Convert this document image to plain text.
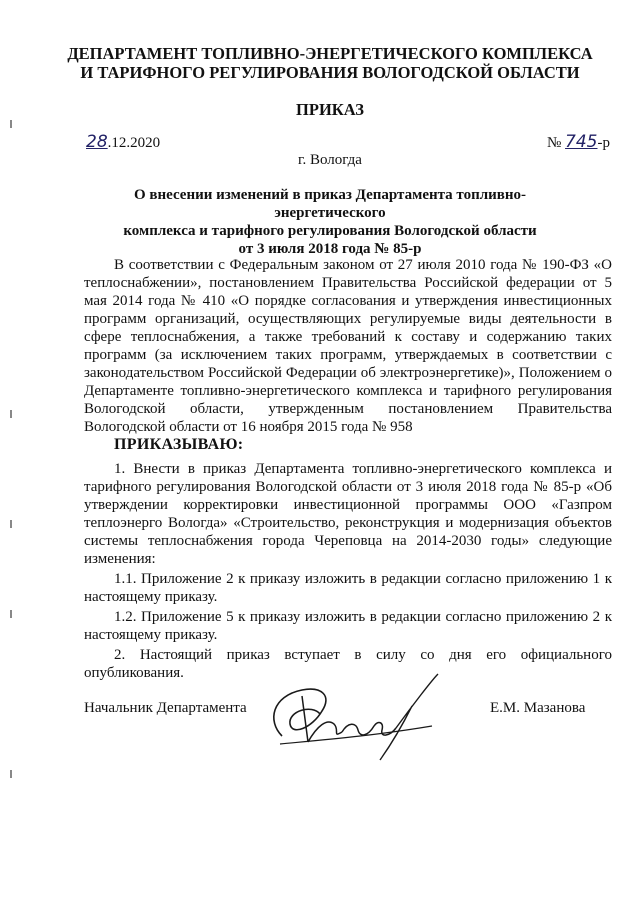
ДЕПАРТАМЕНТ ТОПЛИВНО-ЭНЕРГЕТИЧЕСКОГО КОМПЛЕКСА
И ТАРИФНОГО РЕГУЛИРОВАНИЯ ВОЛОГОДСКОЙ ОБЛАСТИ
ПРИКАЗ
28.12.2020	№ 745-р
г. Вологда
О внесении изменений в приказ Департамента топливно-энергетического
комплекса и тарифного регулирования Вологодской области
от 3 июля 2018 года № 85-р

В соответствии с Федеральным законом от 27 июля 2010 года № 190-ФЗ «О теплоснабжении», постановлением Правительства Российской федерации от 5 мая 2014 года № 410 «О порядке согласования и утверждения инвестиционных программ организаций, осуществляющих регулируемые виды деятельности в сфере теплоснабжения, а также требований к составу и содержанию таких программ (за исключением таких программ, утверждаемых в соответствии с законодательством Российской Федерации об электроэнергетике)», Положением о Департаменте топливно-энергетического комплекса и тарифного регулирования Вологодской области, утвержденным постановлением Правительства Вологодской области от 16 ноября 2015 года № 958

ПРИКАЗЫВАЮ:

1. Внести в приказ Департамента топливно-энергетического комплекса и тарифного регулирования Вологодской области от 3 июля 2018 года № 85-р «Об утверждении корректировки инвестиционной программы ООО «Газпром теплоэнерго Вологда» «Строительство, реконструкция и модернизация объектов системы теплоснабжения города Череповца на 2014-2030 годы» следующие изменения:

1.1. Приложение 2 к приказу изложить в редакции согласно приложению 1 к настоящему приказу.

1.2. Приложение 5 к приказу изложить в редакции согласно приложению 2 к настоящему приказу.

2. Настоящий приказ вступает в силу со дня его официального опубликования.

Начальник Департамента	Е.М. Мазанова
